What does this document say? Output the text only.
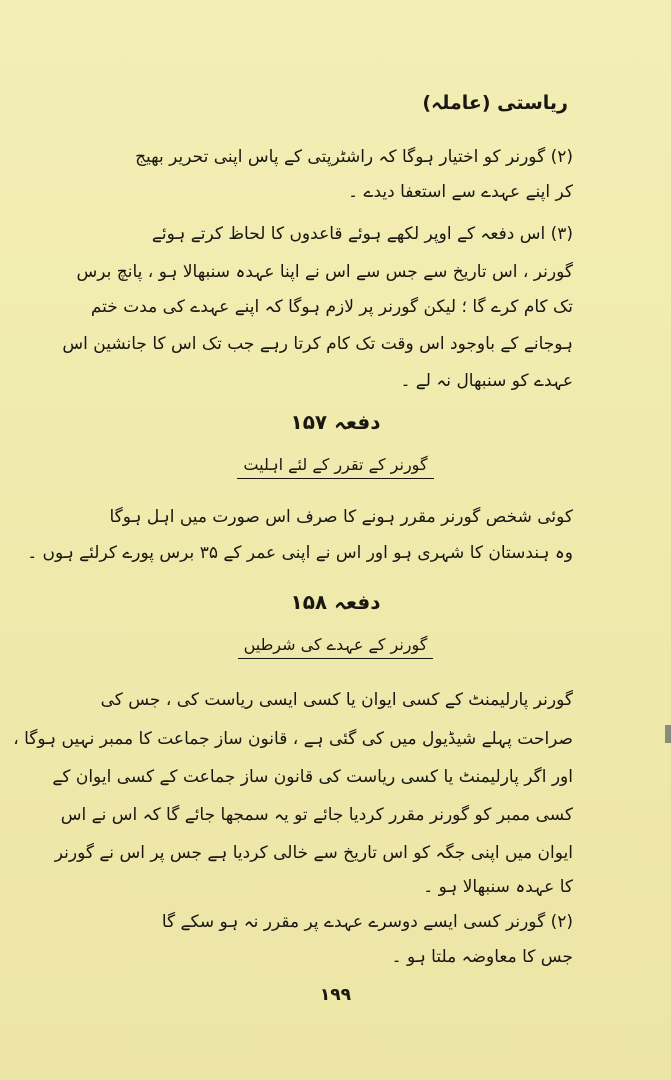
ریاستی (عاملہ)
(۲) گورنر کو اختیار ہوگا کہ راشٹرپتی کے پاس اپنی تحریر بھیج
کر اپنے عہدے سے استعفا دیدے ۔
(۳) اس دفعہ کے اوپر لکھے ہوئے قاعدوں کا لحاظ کرتے ہوئے
گورنر ، اس تاریخ سے جس سے اس نے اپنا عہدہ سنبھالا ہو ، پانچ برس
تک کام کرے گا ؛ لیکن گورنر پر لازم ہوگا کہ اپنے عہدے کی مدت ختم
ہوجانے کے باوجود اس وقت تک کام کرتا رہے جب تک اس کا جانشین اس
عہدے کو سنبھال نہ لے ۔
دفعہ ۱۵۷
گورنر کے تقرر کے لئے اہلیت
کوئی شخص گورنر مقرر ہونے کا صرف اس صورت میں اہل ہوگا
وہ ہندستان کا شہری ہو اور اس نے اپنی عمر کے ۳۵ برس پورے کرلئے ہوں ۔
دفعہ ۱۵۸
گورنر کے عہدے کی شرطیں
گورنر پارلیمنٹ کے کسی ایوان یا کسی ایسی ریاست کی ، جس کی
صراحت پہلے شیڈیول میں کی گئی ہے ، قانون ساز جماعت کا ممبر نہیں ہوگا ،
اور اگر پارلیمنٹ یا کسی ریاست کی قانون ساز جماعت کے کسی ایوان کے
کسی ممبر کو گورنر مقرر کردیا جائے تو یہ سمجھا جائے گا کہ اس نے اس
ایوان میں اپنی جگہ کو اس تاریخ سے خالی کردیا ہے جس پر اس نے گورنر
کا عہدہ سنبھالا ہو ۔
(۲) گورنر کسی ایسے دوسرے عہدے پر مقرر نہ ہو سکے گا
جس کا معاوضہ ملتا ہو ۔
۱۹۹
